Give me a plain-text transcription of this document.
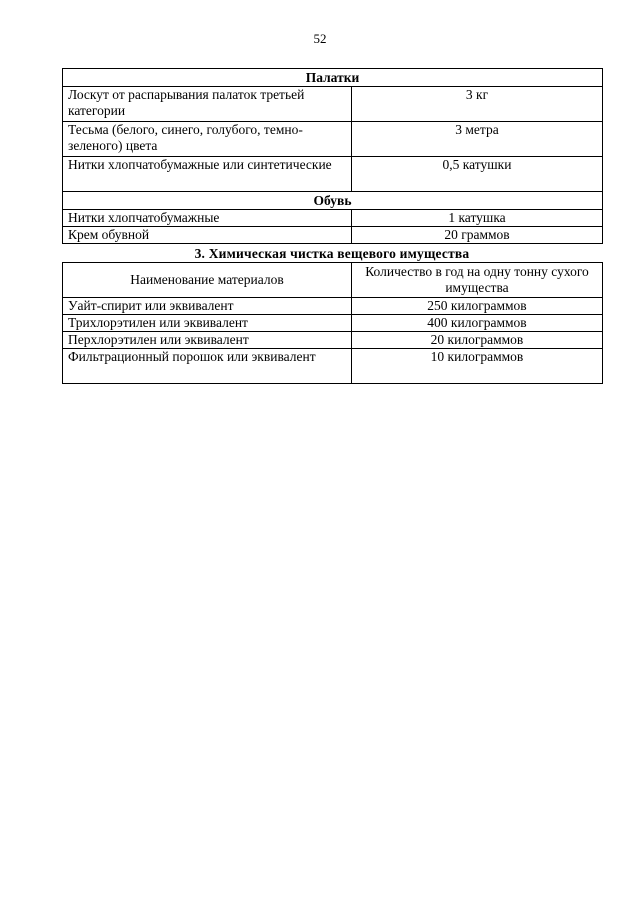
52
Палатки	
Лоскут от распарывания палаток третьей категории	3 кг
Тесьма (белого, синего, голубого, темно-зеленого) цвета	3 метра
Нитки хлопчатобумажные или синтетические	0,5 катушки
Обувь	
Нитки хлопчатобумажные	1 катушка
Крем обувной	20 граммов
3. Химическая чистка вещевого имущества
Наименование материалов	Количество в год на одну тонну сухого имущества
Уайт-спирит или эквивалент	250 килограммов
Трихлорэтилен или эквивалент	400 килограммов
Перхлорэтилен или эквивалент	20 килограммов
Фильтрационный порошок или эквивалент	10 килограммов
